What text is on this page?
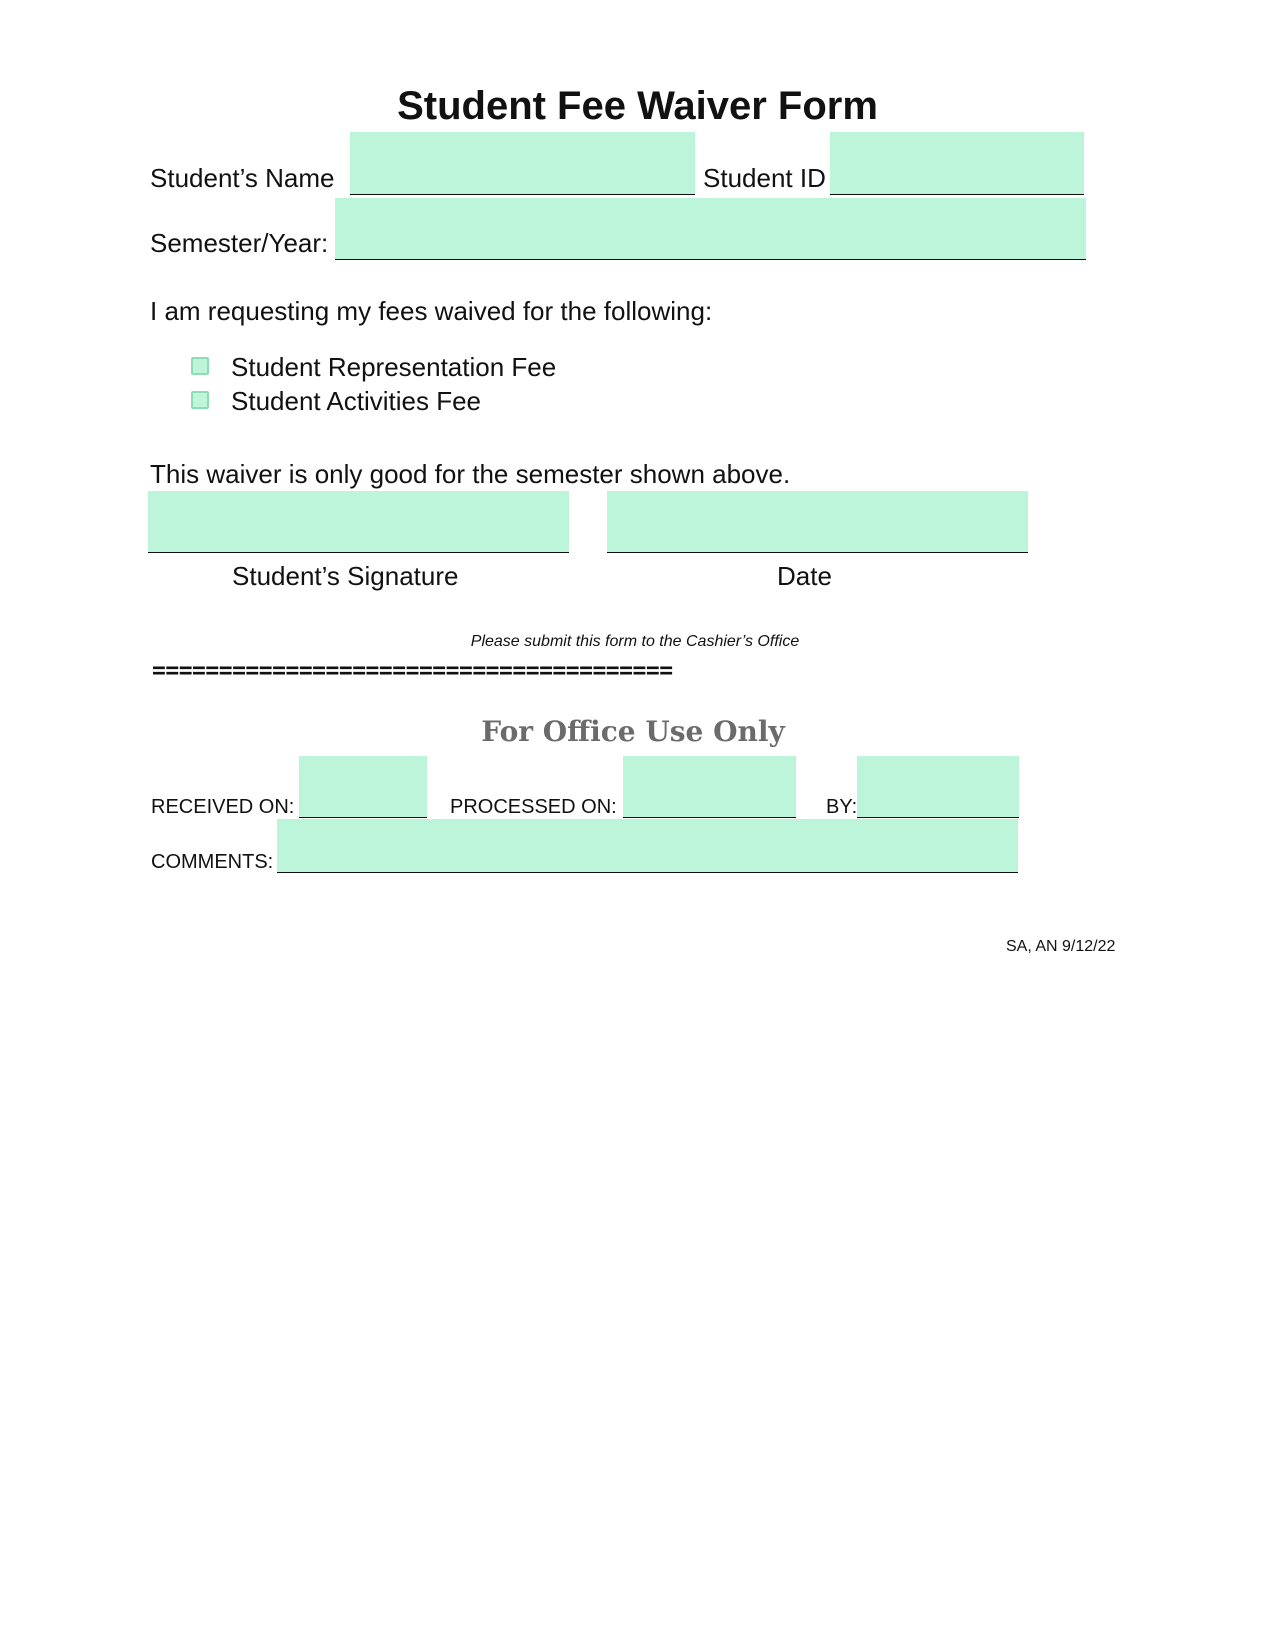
Student Fee Waiver Form
Student’s Name	Student ID
Semester/Year:
I am requesting my fees waived for the following:
Student Representation Fee
Student Activities Fee
This waiver is only good for the semester shown above.
Student’s Signature	Date
Please submit this form to the Cashier’s Office
=======================================
For Office Use Only
RECEIVED ON:	PROCESSED ON:	BY:
COMMENTS:
SA, AN 9/12/22
